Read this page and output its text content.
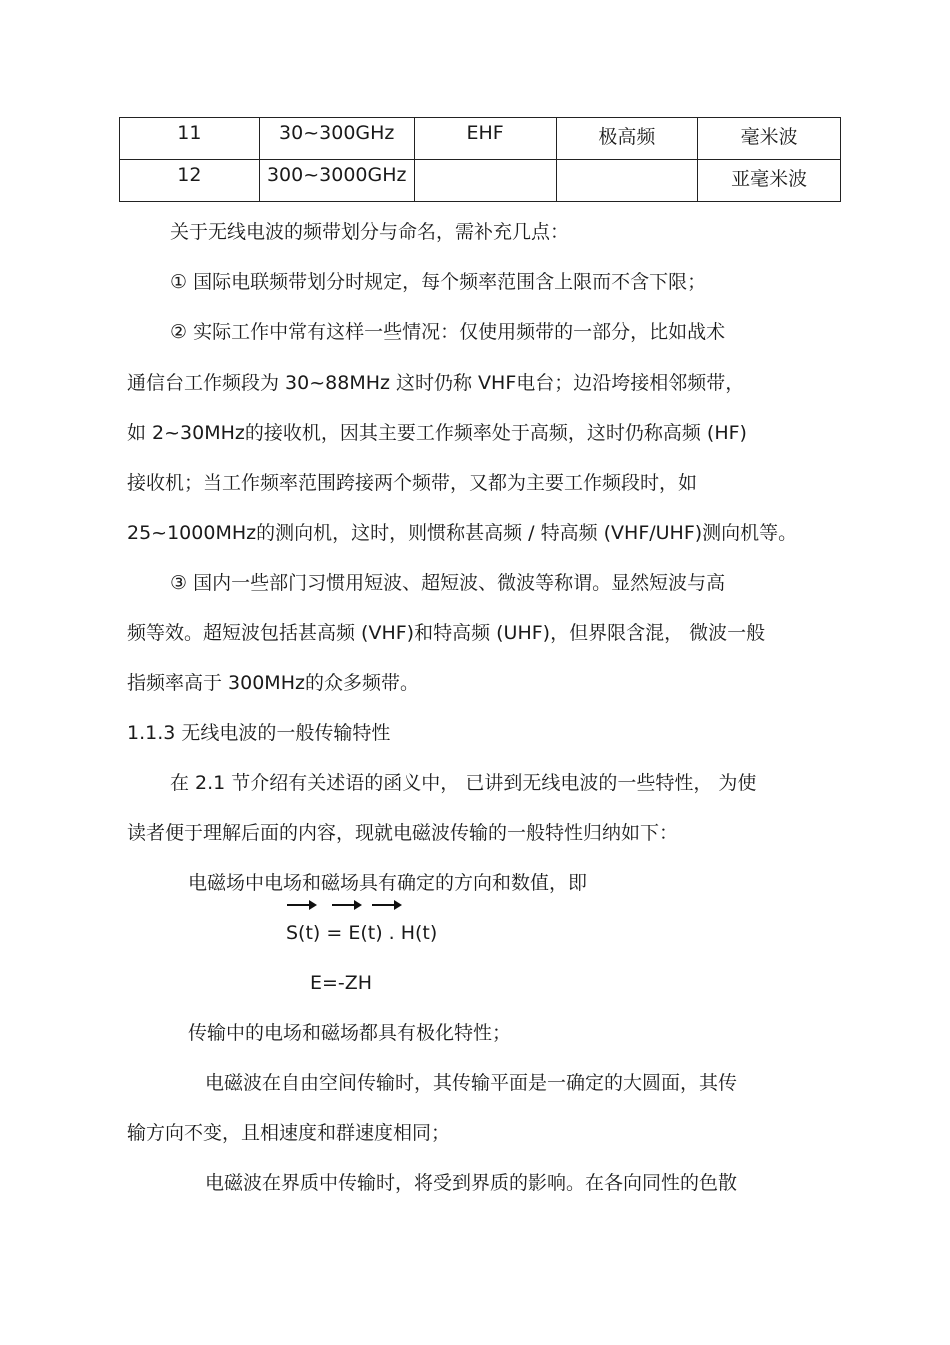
11	30~300GHz	EHF	极高频	毫米波
12	300~3000GHz			亚毫米波
关于无线电波的频带划分与命名，需补充几点：
① 国际电联频带划分时规定，每个频率范围含上限而不含下限；
② 实际工作中常有这样一些情况：仅使用频带的一部分，比如战术
通信台工作频段为 30~88MHz 这时仍称 VHF电台；边沿垮接相邻频带，
如 2~30MHz的接收机，因其主要工作频率处于高频，这时仍称高频 (HF)
接收机；当工作频率范围跨接两个频带，又都为主要工作频段时，如
25~1000MHz的测向机，这时，则惯称甚高频 / 特高频 (VHF/UHF)测向机等。
③ 国内一些部门习惯用短波、超短波、微波等称谓。显然短波与高
频等效。超短波包括甚高频 (VHF)和特高频 (UHF)，但界限含混， 微波一般
指频率高于 300MHz的众多频带。
1.1.3 无线电波的一般传输特性
在 2.1 节介绍有关述语的函义中， 已讲到无线电波的一些特性， 为使
读者便于理解后面的内容，现就电磁波传输的一般特性归纳如下：
电磁场中电场和磁场具有确定的方向和数值，即
S(t) = E(t) . H(t)
E=-ZH
传输中的电场和磁场都具有极化特性；
电磁波在自由空间传输时，其传输平面是一确定的大圆面，其传
输方向不变，且相速度和群速度相同；
电磁波在界质中传输时，将受到界质的影响。在各向同性的色散
